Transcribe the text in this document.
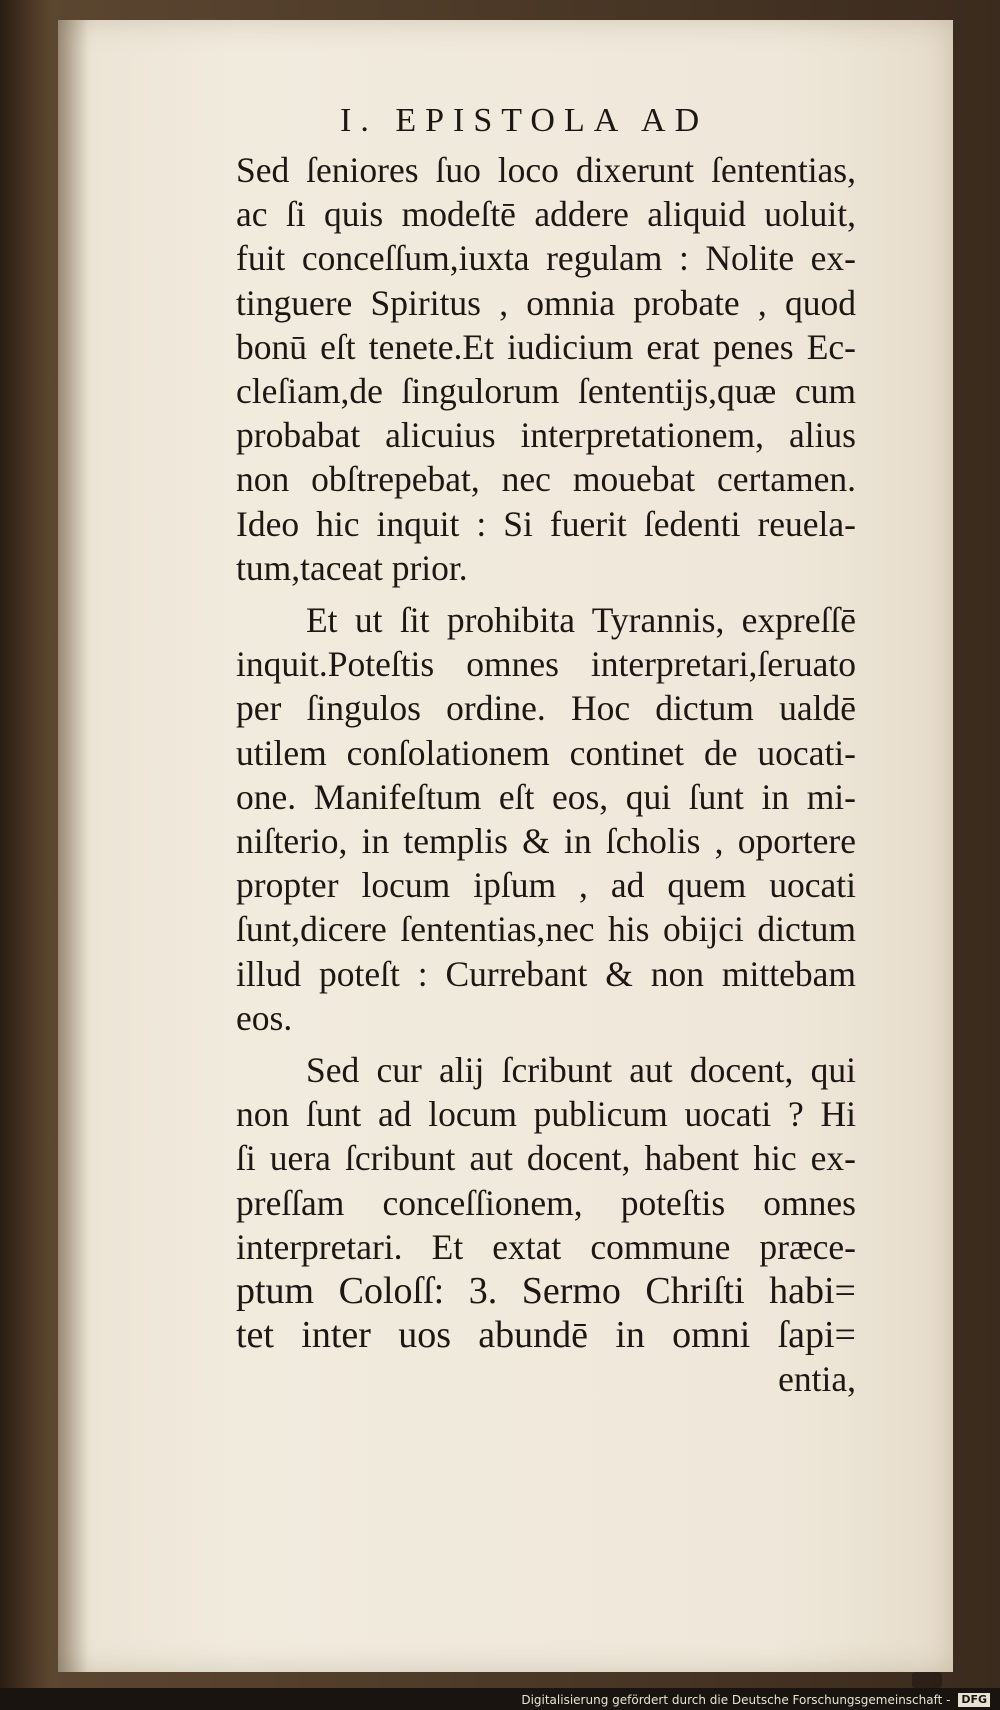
I. EPISTOLA AD
Sed ſeniores ſuo loco dixerunt ſententias,
ac ſi quis modeſtē addere aliquid uoluit,
fuit conceſſum,iuxta regulam : Nolite ex-
tinguere Spiritus , omnia probate , quod
bonū eſt tenete.Et iudicium erat penes Ec-
cleſiam,de ſingulorum ſententijs,quæ cum
probabat alicuius interpretationem, alius
non obſtrepebat, nec mouebat certamen.
Ideo hic inquit : Si fuerit ſedenti reuela-
tum,taceat prior.
Et ut ſit prohibita Tyrannis, expreſſē
inquit.Poteſtis omnes interpretari,ſeruato
per ſingulos ordine. Hoc dictum ualdē
utilem conſolationem continet de uocati-
one. Manifeſtum eſt eos, qui ſunt in mi-
niſterio, in templis & in ſcholis , oportere
propter locum ipſum , ad quem uocati
ſunt,dicere ſententias,nec his obijci dictum
illud poteſt : Currebant & non mittebam
eos.
Sed cur alij ſcribunt aut docent, qui
non ſunt ad locum publicum uocati ? Hi
ſi uera ſcribunt aut docent, habent hic ex-
preſſam conceſſionem, poteſtis omnes
interpretari. Et extat commune præce-
ptum Coloſſ: 3. Sermo Chriſti habi=
tet inter uos abundē in omni ſapi=
entia,
Digitalisierung gefördert durch die Deutsche Forschungsgemeinschaft - DFG
